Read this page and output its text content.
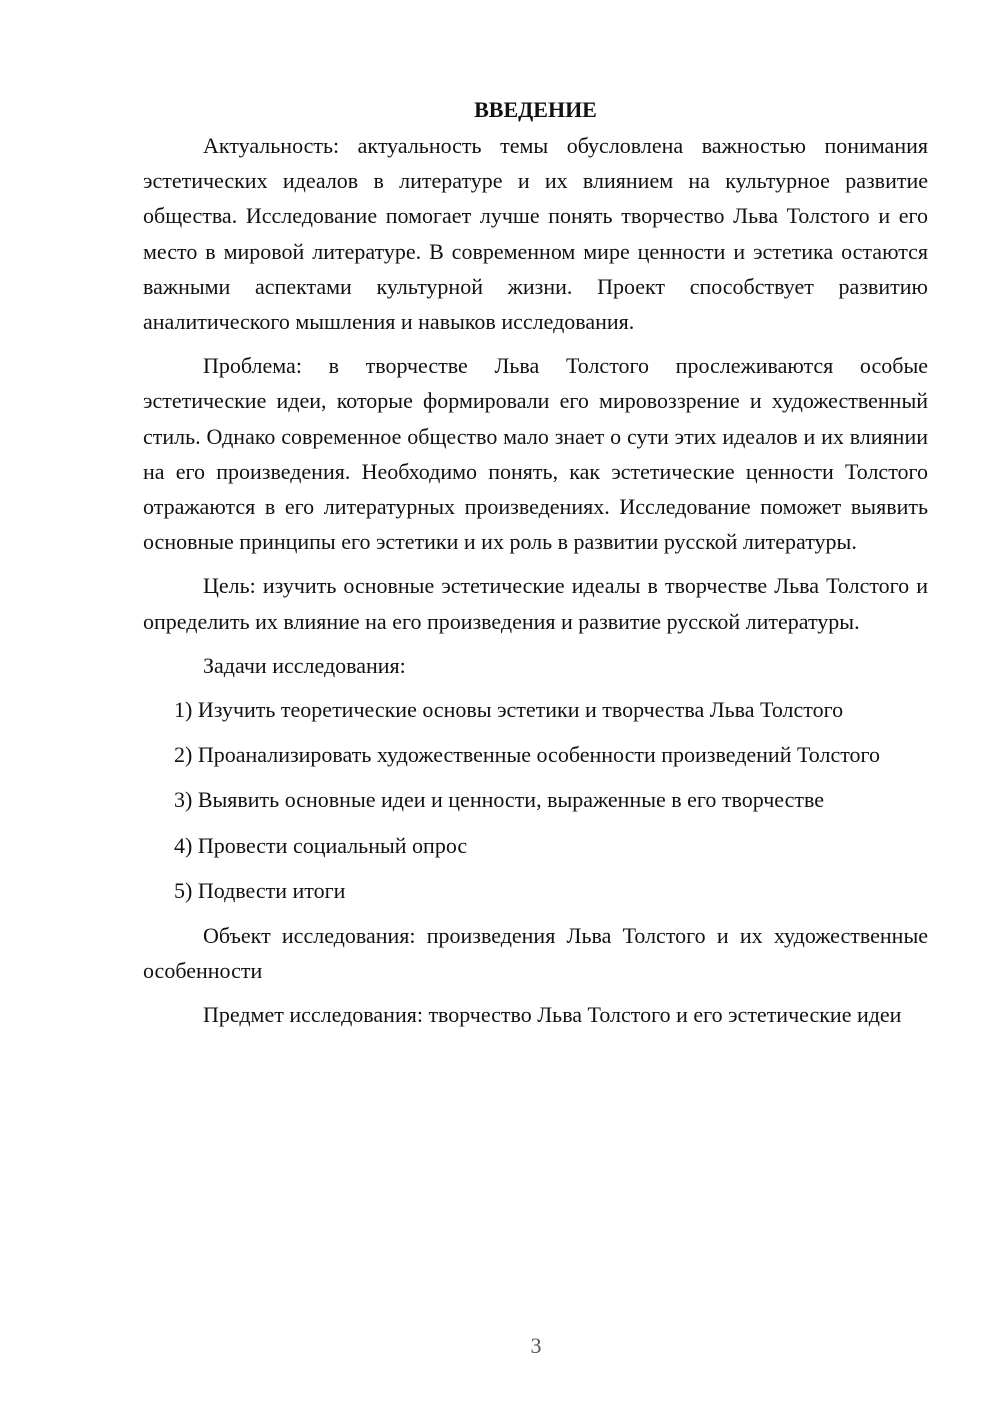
ВВЕДЕНИЕ

Актуальность: актуальность темы обусловлена важностью понимания эстетических идеалов в литературе и их влиянием на культурное развитие общества. Исследование помогает лучше понять творчество Льва Толстого и его место в мировой литературе. В современном мире ценности и эстетика остаются важными аспектами культурной жизни. Проект способствует развитию аналитического мышления и навыков исследования.

Проблема: в творчестве Льва Толстого прослеживаются особые эстетические идеи, которые формировали его мировоззрение и художественный стиль. Однако современное общество мало знает о сути этих идеалов и их влиянии на его произведения. Необходимо понять, как эстетические ценности Толстого отражаются в его литературных произведениях. Исследование поможет выявить основные принципы его эстетики и их роль в развитии русской литературы.

Цель: изучить основные эстетические идеалы в творчестве Льва Толстого и определить их влияние на его произведения и развитие русской литературы.

Задачи исследования:

1) Изучить теоретические основы эстетики и творчества Льва Толстого

2) Проанализировать художественные особенности произведений Толстого

3) Выявить основные идеи и ценности, выраженные в его творчестве

4) Провести социальный опрос

5) Подвести итоги

Объект исследования: произведения Льва Толстого и их художественные особенности

Предмет исследования: творчество Льва Толстого и его эстетические идеи

3
